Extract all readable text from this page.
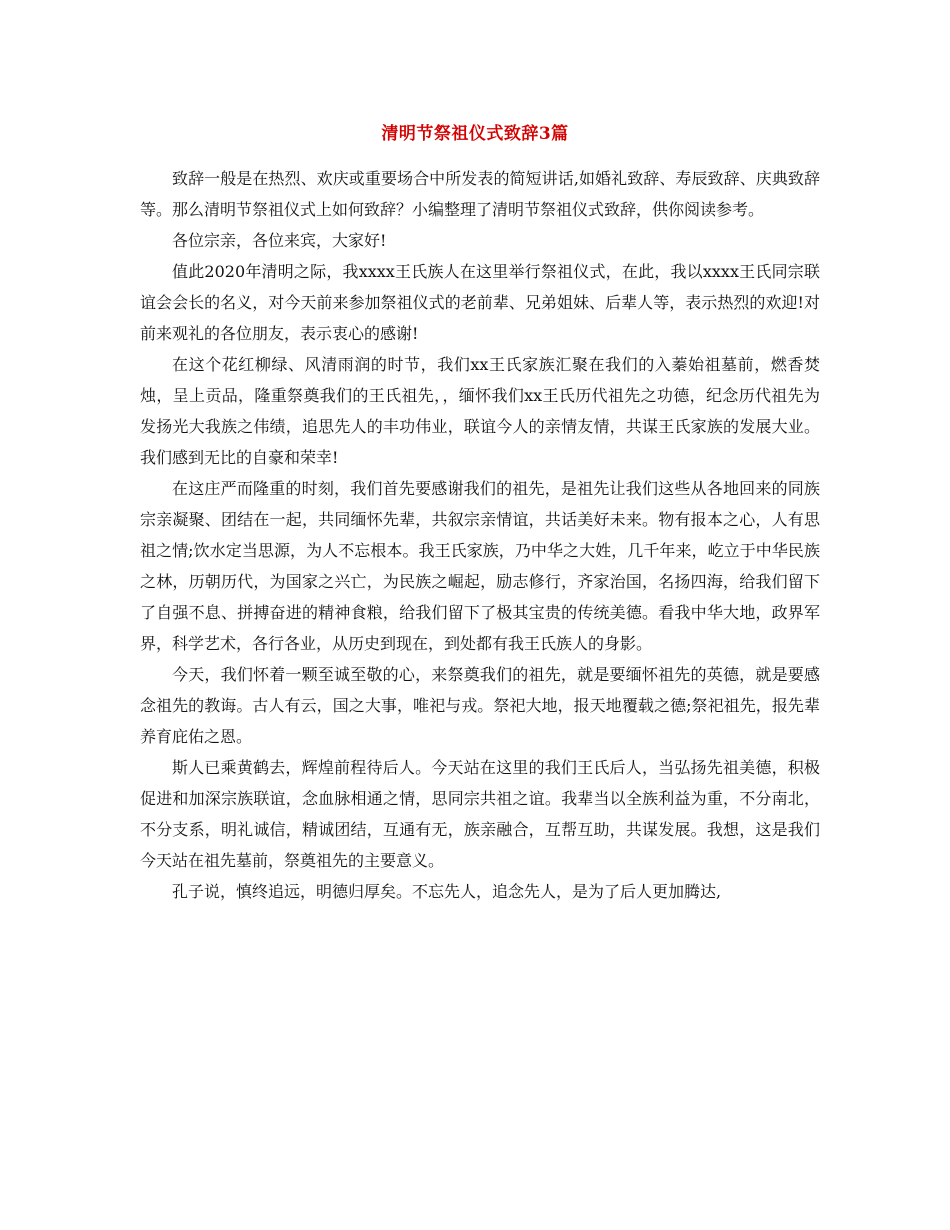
清明节祭祖仪式致辞3篇

致辞一般是在热烈、欢庆或重要场合中所发表的简短讲话,如婚礼致辞、寿辰致辞、庆典致辞等。那么清明节祭祖仪式上如何致辞？小编整理了清明节祭祖仪式致辞，供你阅读参考。

各位宗亲，各位来宾，大家好!

值此2020年清明之际，我xxxx王氏族人在这里举行祭祖仪式，在此，我以xxxx王氏同宗联谊会会长的名义，对今天前来参加祭祖仪式的老前辈、兄弟姐妹、后辈人等，表示热烈的欢迎!对前来观礼的各位朋友，表示衷心的感谢!

在这个花红柳绿、风清雨润的时节，我们xx王氏家族汇聚在我们的入蓁始祖墓前，燃香焚烛，呈上贡品，隆重祭奠我们的王氏祖先，，缅怀我们xx王氏历代祖先之功德，纪念历代祖先为发扬光大我族之伟绩，追思先人的丰功伟业，联谊今人的亲情友情，共谋王氏家族的发展大业。我们感到无比的自豪和荣幸!

在这庄严而隆重的时刻，我们首先要感谢我们的祖先，是祖先让我们这些从各地回来的同族宗亲凝聚、团结在一起，共同缅怀先辈，共叙宗亲情谊，共话美好未来。物有报本之心，人有思祖之情;饮水定当思源，为人不忘根本。我王氏家族，乃中华之大姓，几千年来，屹立于中华民族之林，历朝历代，为国家之兴亡，为民族之崛起，励志修行，齐家治国，名扬四海，给我们留下了自强不息、拼搏奋进的精神食粮，给我们留下了极其宝贵的传统美德。看我中华大地，政界军界，科学艺术，各行各业，从历史到现在，到处都有我王氏族人的身影。

今天，我们怀着一颗至诚至敬的心，来祭奠我们的祖先，就是要缅怀祖先的英德，就是要感念祖先的教诲。古人有云，国之大事，唯祀与戎。祭祀大地，报天地覆载之德;祭祀祖先，报先辈养育庇佑之恩。

斯人已乘黄鹤去，辉煌前程待后人。今天站在这里的我们王氏后人，当弘扬先祖美德，积极促进和加深宗族联谊，念血脉相通之情，思同宗共祖之谊。我辈当以全族利益为重，不分南北，不分支系，明礼诚信，精诚团结，互通有无，族亲融合，互帮互助，共谋发展。我想，这是我们今天站在祖先墓前，祭奠祖先的主要意义。

孔子说，慎终追远，明德归厚矣。不忘先人，追念先人，是为了后人更加腾达,
